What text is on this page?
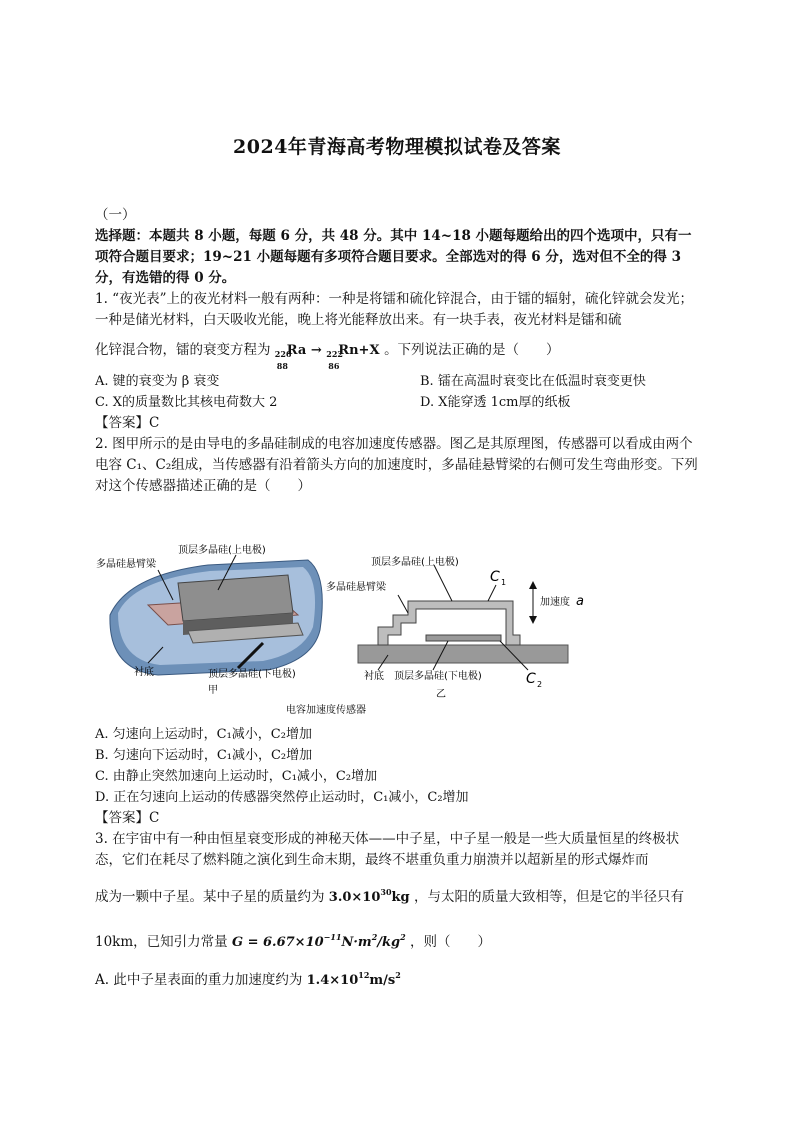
2024年青海高考物理模拟试卷及答案
（一）
选择题：本题共 8 小题，每题 6 分，共 48 分。其中 14~18 小题每题给出的四个选项中，只有一项符合题目要求；19~21 小题每题有多项符合题目要求。全部选对的得 6 分，选对但不全的得 3 分，有选错的得 0 分。
1. “夜光表”上的夜光材料一般有两种：一种是将镭和硫化锌混合，由于镭的辐射，硫化锌就会发光；一种是储光材料，白天吸收光能，晚上将光能释放出来。有一块手表，夜光材料是镭和硫
化锌混合物，镭的衰变方程为 226
88
Ra → 222
86
Rn+X 。下列说法正确的是（　　）
A. 键的衰变为 β 衰变	B. 镭在高温时衰变比在低温时衰变更快
C. X的质量数比其核电荷数大 2	D. X能穿透 1cm厚的纸板
【答案】C
2. 图甲所示的是由导电的多晶硅制成的电容加速度传感器。图乙是其原理图，传感器可以看成由两个电容 C₁、C₂组成，当传感器有沿着箭头方向的加速度时，多晶硅悬臂梁的右侧可发生弯曲形变。下列对这个传感器描述正确的是（　　）
顶层多晶硅(上电极)
多晶硅悬臂梁
衬底	顶层多晶硅(下电极)
甲
顶层多晶硅(上电极)
多晶硅悬臂梁
C 1
加速度 a
衬底 顶层多晶硅(下电极)	C 2
乙
电容加速度传感器
A. 匀速向上运动时，C₁减小，C₂增加
B. 匀速向下运动时，C₁减小，C₂增加
C. 由静止突然加速向上运动时，C₁减小，C₂增加
D. 正在匀速向上运动的传感器突然停止运动时，C₁减小，C₂增加
【答案】C
3. 在宇宙中有一种由恒星衰变形成的神秘天体——中子星，中子星一般是一些大质量恒星的终极状态，它们在耗尽了燃料随之演化到生命末期，最终不堪重负重力崩溃并以超新星的形式爆炸而
成为一颗中子星。某中子星的质量约为 $3.0\times 10^{30}kg$ ，与太阳的质量大致相等，但是它的半径只有
10km，已知引力常量 $G = 6.67\times 10^{-11}N\cdot m^2/kg^2$ ，则（　　）
A. 此中子星表面的重力加速度约为 $1.4\times 10^{12}m/s^2$
